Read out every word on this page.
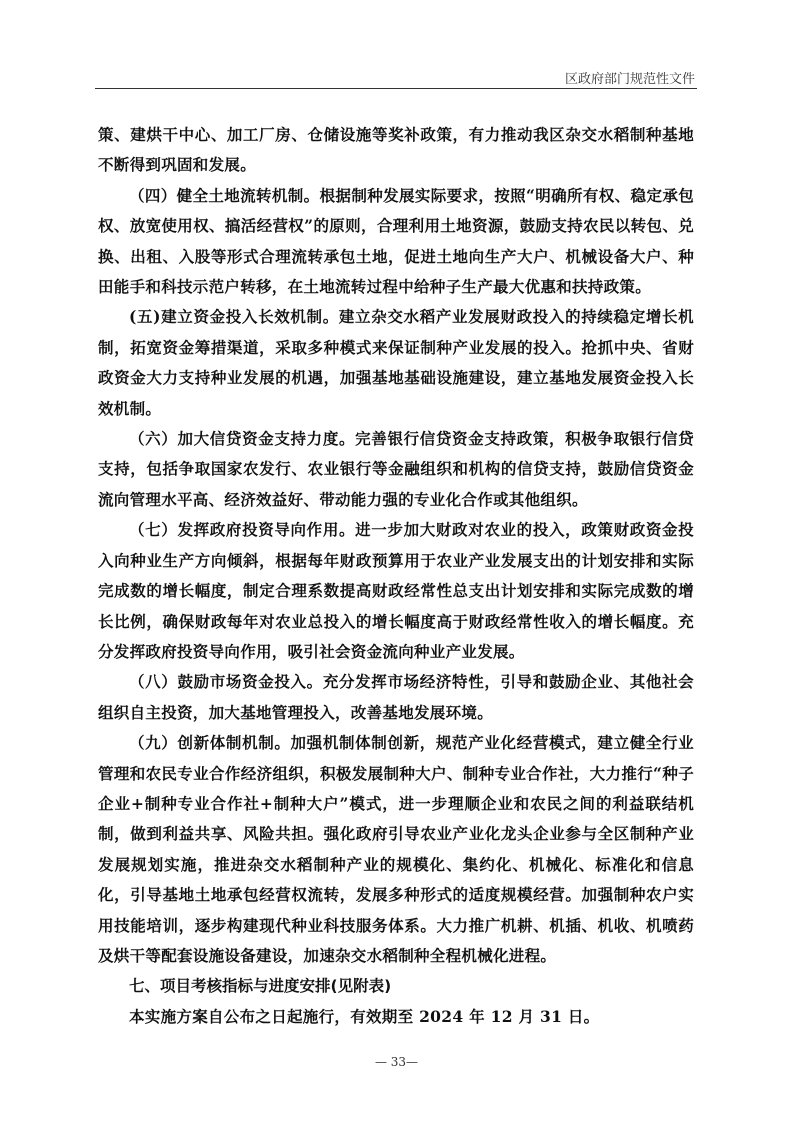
区政府部门规范性文件

策、建烘干中心、加工厂房、仓储设施等奖补政策，有力推动我区杂交水稻制种基地不断得到巩固和发展。

（四）健全土地流转机制。根据制种发展实际要求，按照“明确所有权、稳定承包权、放宽使用权、搞活经营权”的原则，合理利用土地资源，鼓励支持农民以转包、兑换、出租、入股等形式合理流转承包土地，促进土地向生产大户、机械设备大户、种田能手和科技示范户转移，在土地流转过程中给种子生产最大优惠和扶持政策。

(五)建立资金投入长效机制。建立杂交水稻产业发展财政投入的持续稳定增长机制，拓宽资金筹措渠道，采取多种模式来保证制种产业发展的投入。抢抓中央、省财政资金大力支持种业发展的机遇，加强基地基础设施建设，建立基地发展资金投入长效机制。

（六）加大信贷资金支持力度。完善银行信贷资金支持政策，积极争取银行信贷支持，包括争取国家农发行、农业银行等金融组织和机构的信贷支持，鼓励信贷资金流向管理水平高、经济效益好、带动能力强的专业化合作或其他组织。

（七）发挥政府投资导向作用。进一步加大财政对农业的投入，政策财政资金投入向种业生产方向倾斜，根据每年财政预算用于农业产业发展支出的计划安排和实际完成数的增长幅度，制定合理系数提高财政经常性总支出计划安排和实际完成数的增长比例，确保财政每年对农业总投入的增长幅度高于财政经常性收入的增长幅度。充分发挥政府投资导向作用，吸引社会资金流向种业产业发展。

（八）鼓励市场资金投入。充分发挥市场经济特性，引导和鼓励企业、其他社会组织自主投资，加大基地管理投入，改善基地发展环境。

（九）创新体制机制。加强机制体制创新，规范产业化经营模式，建立健全行业管理和农民专业合作经济组织，积极发展制种大户、制种专业合作社，大力推行“种子企业+制种专业合作社+制种大户”模式，进一步理顺企业和农民之间的利益联结机制，做到利益共享、风险共担。强化政府引导农业产业化龙头企业参与全区制种产业发展规划实施，推进杂交水稻制种产业的规模化、集约化、机械化、标准化和信息化，引导基地土地承包经营权流转，发展多种形式的适度规模经营。加强制种农户实用技能培训，逐步构建现代种业科技服务体系。大力推广机耕、机插、机收、机喷药及烘干等配套设施设备建设，加速杂交水稻制种全程机械化进程。

七、项目考核指标与进度安排(见附表)

本实施方案自公布之日起施行，有效期至 2024 年 12 月 31 日。

— 33—
